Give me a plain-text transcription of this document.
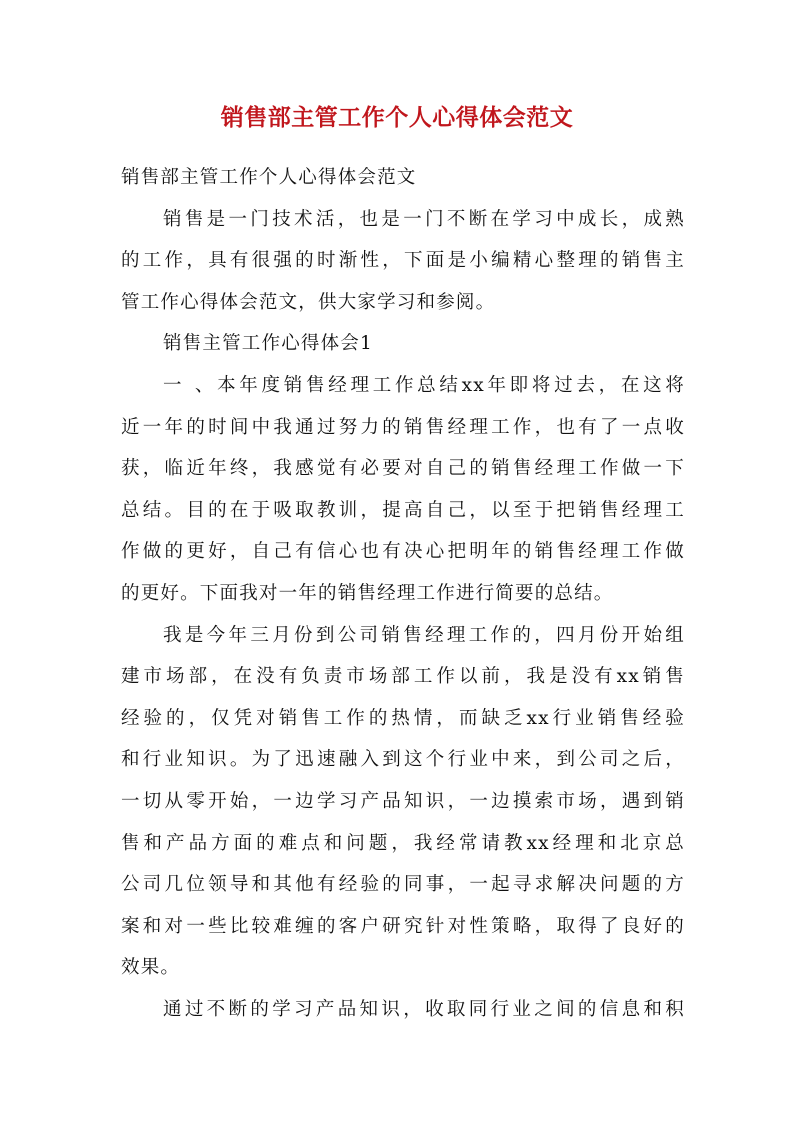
销售部主管工作个人心得体会范文
销售部主管工作个人心得体会范文
销售是一门技术活，也是一门不断在学习中成长，成熟
的工作，具有很强的时渐性，下面是小编精心整理的销售主
管工作心得体会范文，供大家学习和参阅。
销售主管工作心得体会1
一 、本年度销售经理工作总结xx年即将过去，在这将
近一年的时间中我通过努力的销售经理工作，也有了一点收
获，临近年终，我感觉有必要对自己的销售经理工作做一下
总结。目的在于吸取教训，提高自己，以至于把销售经理工
作做的更好，自己有信心也有决心把明年的销售经理工作做
的更好。下面我对一年的销售经理工作进行简要的总结。
我是今年三月份到公司销售经理工作的，四月份开始组
建市场部，在没有负责市场部工作以前，我是没有xx销售
经验的，仅凭对销售工作的热情，而缺乏xx行业销售经验
和行业知识。为了迅速融入到这个行业中来，到公司之后，
一切从零开始，一边学习产品知识，一边摸索市场，遇到销
售和产品方面的难点和问题，我经常请教xx经理和北京总
公司几位领导和其他有经验的同事，一起寻求解决问题的方
案和对一些比较难缠的客户研究针对性策略，取得了良好的
效果。
通过不断的学习产品知识，收取同行业之间的信息和积
